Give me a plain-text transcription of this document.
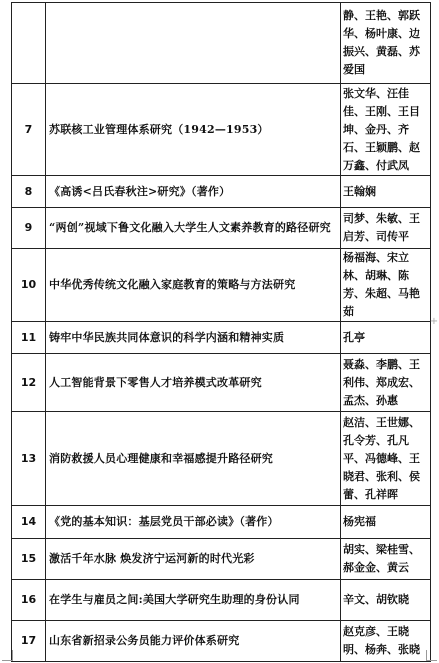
		静、王艳、郭跃华、杨叶康、边振兴、黄磊、苏爱国
7	苏联核工业管理体系研究（1942—1953）	张文华、汪佳佳、王刚、王目坤、金丹、齐石、王颖鹏、赵万鑫、付武凤
8	《高诱<吕氏春秋注>研究》（著作）	王翰娴
9	“两创”视域下鲁文化融入大学生人文素养教育的路径研究	司梦、朱敏、王启芳、司传平
10	中华优秀传统文化融入家庭教育的策略与方法研究	杨福海、宋立林、胡琳、陈芳、朱超、马艳茹
11	铸牢中华民族共同体意识的科学内涵和精神实质	孔亭
12	人工智能背景下零售人才培养模式改革研究	聂淼、李鹏、王利伟、郑成宏、孟杰、孙惠
13	消防救援人员心理健康和幸福感提升路径研究	赵洁、王世娜、孔令芳、孔凡平、冯德峰、王晓君、张利、侯蕾、孔祥晖
14	《党的基本知识：基层党员干部必读》（著作）	杨宪福
15	激活千年水脉 焕发济宁运河新的时代光彩	胡实、梁桂雪、郝金金、黄云
16	在学生与雇员之间:美国大学研究生助理的身份认同	辛文、胡钦晓
17	山东省新招录公务员能力评价体系研究	赵克彦、王晓明、杨奔、张晓
+
